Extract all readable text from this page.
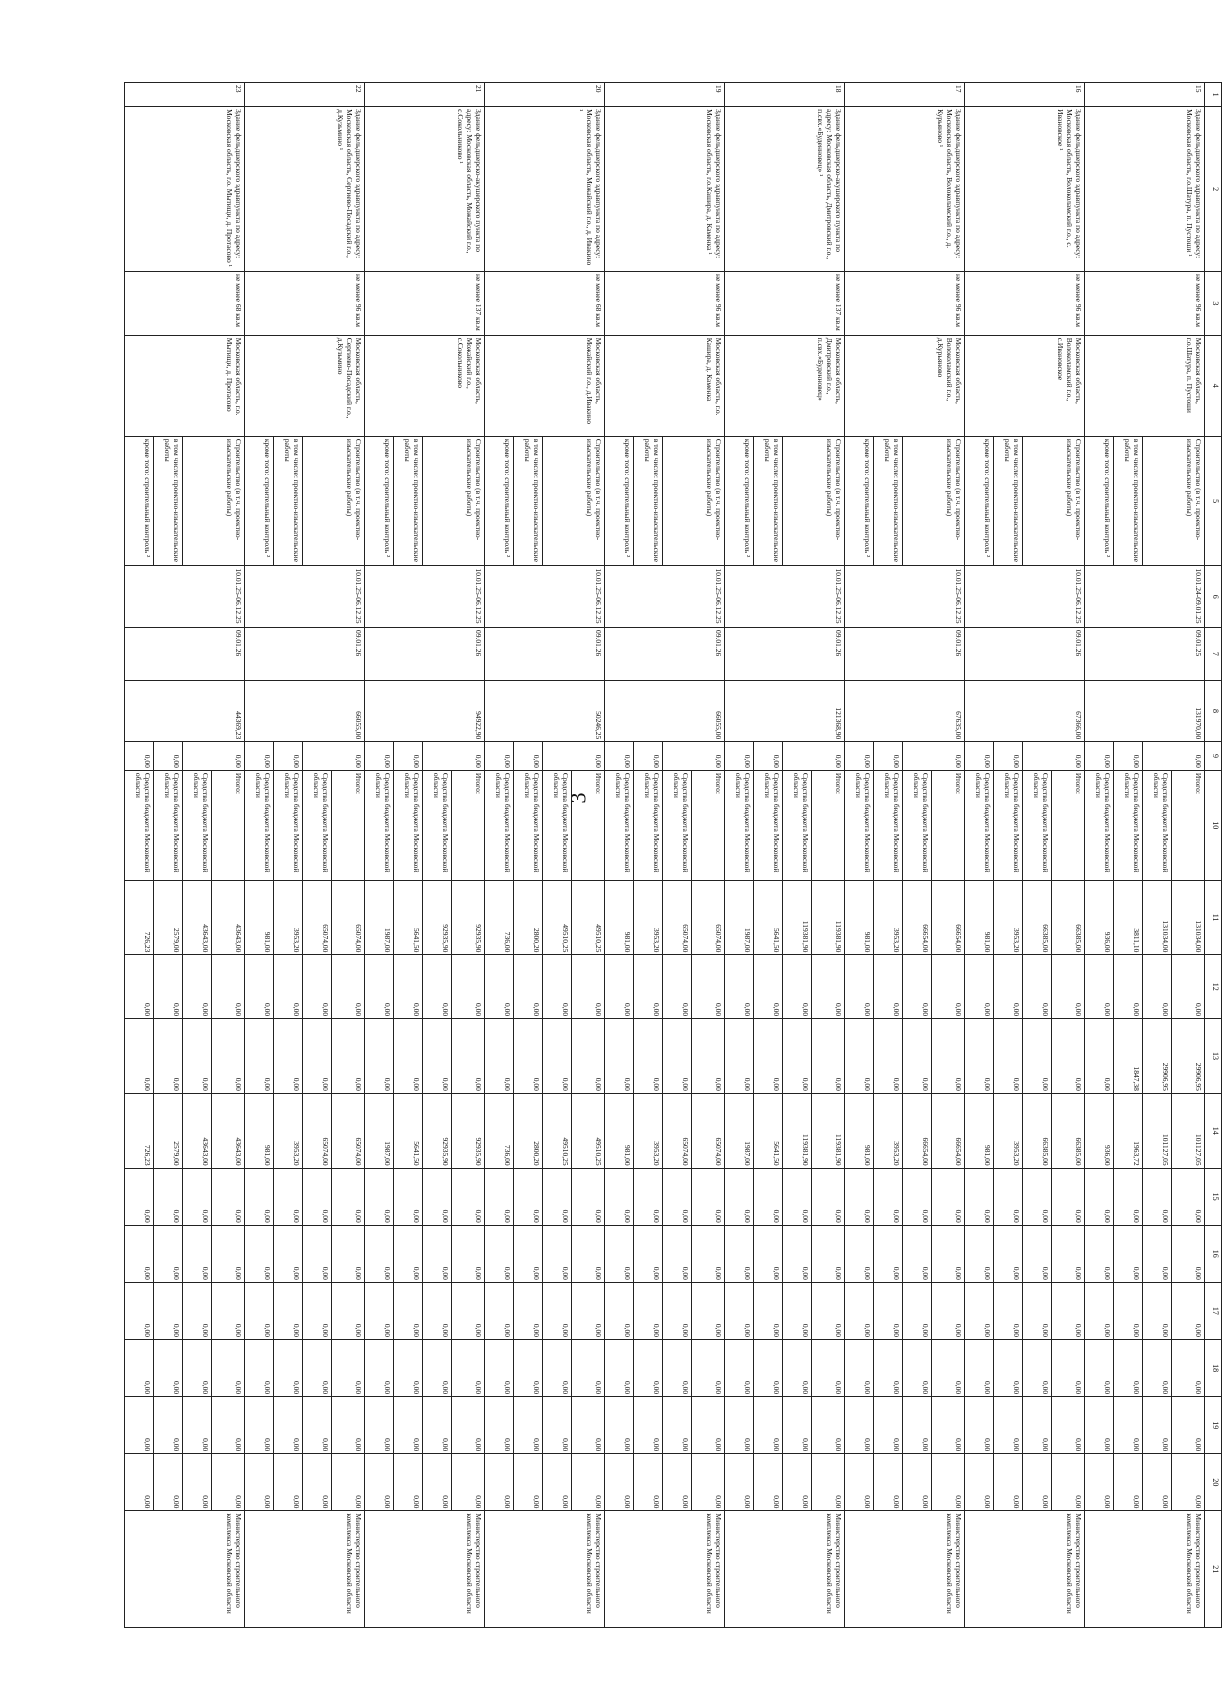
3
1	2	3	4	5	6	7	8	9	10	11	12	13	14	15	16	17	18	19	20	21
15	Здание фельдшерского здравпункта по адресу: Московская область, г.о.Шатура, п. Пустоши ¹	не менее 96 кв.м	Московская область, г.о.Шатура, п. Пустоши	Строительство (в т.ч. проектно-изыскательские работы)	10.01.24-09.01.25	09.01.25	131970,00	0,00	Итого:	131034,00	0,00	29906,95	101127,05	0,00	0,00	0,00	0,00	0,00	0,00	Министерство строительного комплекса Московской области
									Средства бюджета Московской области	131034,00	0,00	29906,95	101127,05	0,00	0,00	0,00	0,00	0,00	0,00	
				в том числе: проектно-изыскательские работы				0,00	Средства бюджета Московской области	3811,10	0,00	1847,38	1963,72	0,00	0,00	0,00	0,00	0,00	0,00	
				кроме того: строительный контроль ²				0,00	Средства бюджета Московской области	936,00	0,00	0,00	936,00	0,00	0,00	0,00	0,00	0,00	0,00	
16	Здание фельдшерского здравпункта по адресу: Московская область, Волоколамский г.о., с. Ивановское ¹	не менее 96 кв.м	Московская область, Волоколамский г.о., с.Ивановское	Строительство (в т.ч. проектно-изыскательские работы)	10.01.25-06.12.25	09.01.26	67366,00	0,00	Итого:	66385,00	0,00	0,00	66385,00	0,00	0,00	0,00	0,00	0,00	0,00	Министерство строительного комплекса Московской области
									Средства бюджета Московской области	66385,00	0,00	0,00	66385,00	0,00	0,00	0,00	0,00	0,00	0,00	
				в том числе: проектно-изыскательские работы				0,00	Средства бюджета Московской области	3953,20	0,00	0,00	3953,20	0,00	0,00	0,00	0,00	0,00	0,00	
				кроме того: строительный контроль ²				0,00	Средства бюджета Московской области	981,00	0,00	0,00	981,00	0,00	0,00	0,00	0,00	0,00	0,00	
17	Здание фельдшерского здравпункта по адресу: Московская область, Волоколамский г.о., д. Курьяново ¹	не менее 96 кв.м	Московская область, Волоколамский г.о., д.Курьяново	Строительство (в т.ч. проектно-изыскательские работы)	10.01.25-06.12.25	09.01.26	67635,00	0,00	Итого:	66654,00	0,00	0,00	66654,00	0,00	0,00	0,00	0,00	0,00	0,00	Министерство строительного комплекса Московской области
									Средства бюджета Московской области	66654,00	0,00	0,00	66654,00	0,00	0,00	0,00	0,00	0,00	0,00	
				в том числе: проектно-изыскательские работы				0,00	Средства бюджета Московской области	3953,20	0,00	0,00	3953,20	0,00	0,00	0,00	0,00	0,00	0,00	
				кроме того: строительный контроль ²				0,00	Средства бюджета Московской области	981,00	0,00	0,00	981,00	0,00	0,00	0,00	0,00	0,00	0,00	
18	Здание фельдшерско-акушерского пункта по адресу: Московская область, Дмитровский г.о., п.свх.«Буденновец» ¹	не менее 137 кв.м	Московская область, Дмитровский г.о., п.свх.«Буденновец»	Строительство (в т.ч. проектно-изыскательские работы)	10.01.25-06.12.25	09.01.26	121368,90	0,00	Итого:	119381,90	0,00	0,00	119381,90	0,00	0,00	0,00	0,00	0,00	0,00	Министерство строительного комплекса Московской области
									Средства бюджета Московской области	119381,90	0,00	0,00	119381,90	0,00	0,00	0,00	0,00	0,00	0,00	
				в том числе: проектно-изыскательские работы				0,00	Средства бюджета Московской области	5641,50	0,00	0,00	5641,50	0,00	0,00	0,00	0,00	0,00	0,00	
				кроме того: строительный контроль ²				0,00	Средства бюджета Московской области	1987,00	0,00	0,00	1987,00	0,00	0,00	0,00	0,00	0,00	0,00	
19	Здание фельдшерского здравпункта по адресу: Московская область, г.о.Кашира, д. Каменка ¹	не менее 96 кв.м	Московская область, г.о. Кашира, д. Каменка	Строительство (в т.ч. проектно-изыскательские работы)	10.01.25-06.12.25	09.01.26	66055,00	0,00	Итого:	65074,00	0,00	0,00	65074,00	0,00	0,00	0,00	0,00	0,00	0,00	Министерство строительного комплекса Московской области
									Средства бюджета Московской области	65074,00	0,00	0,00	65074,00	0,00	0,00	0,00	0,00	0,00	0,00	
				в том числе: проектно-изыскательские работы				0,00	Средства бюджета Московской области	3953,20	0,00	0,00	3953,20	0,00	0,00	0,00	0,00	0,00	0,00	
				кроме того: строительный контроль ²				0,00	Средства бюджета Московской области	981,00	0,00	0,00	981,00	0,00	0,00	0,00	0,00	0,00	0,00	
20	Здание фельдшерского здравпункта по адресу: Московская область, Можайский г.о., д. Ивакино ¹	не менее 68 кв.м	Московская область, Можайский г.о., д.Ивакино	Строительство (в т.ч. проектно-изыскательские работы)	10.01.25-06.12.25	09.01.26	50246,25	0,00	Итого:	49510,25	0,00	0,00	49510,25	0,00	0,00	0,00	0,00	0,00	0,00	Министерство строительного комплекса Московской области
									Средства бюджета Московской области	49510,25	0,00	0,00	49510,25	0,00	0,00	0,00	0,00	0,00	0,00	
				в том числе: проектно-изыскательские работы				0,00	Средства бюджета Московской области	2800,20	0,00	0,00	2800,20	0,00	0,00	0,00	0,00	0,00	0,00	
				кроме того: строительный контроль ²				0,00	Средства бюджета Московской области	736,00	0,00	0,00	736,00	0,00	0,00	0,00	0,00	0,00	0,00	
21	Здание фельдшерско-акушерского пункта по адресу: Московская область, Можайский г.о., с.Сокольниково ¹	не менее 137 кв.м	Московская область, Можайский г.о., с.Сокольниково	Строительство (в т.ч. проектно-изыскательские работы)	10.01.25-06.12.25	09.01.26	94922,90	0,00	Итого:	92935,90	0,00	0,00	92935,90	0,00	0,00	0,00	0,00	0,00	0,00	Министерство строительного комплекса Московской области
									Средства бюджета Московской области	92935,90	0,00	0,00	92935,90	0,00	0,00	0,00	0,00	0,00	0,00	
				в том числе: проектно-изыскательские работы				0,00	Средства бюджета Московской области	5641,50	0,00	0,00	5641,50	0,00	0,00	0,00	0,00	0,00	0,00	
				кроме того: строительный контроль ²				0,00	Средства бюджета Московской области	1987,00	0,00	0,00	1987,00	0,00	0,00	0,00	0,00	0,00	0,00	
22	Здание фельдшерского здравпункта по адресу: Московская область, Сергиево-Посадский г.о., д.Кузьмино ¹	не менее 96 кв.м	Московская область, Сергиево-Посадский г.о., д.Кузьмино	Строительство (в т.ч. проектно-изыскательские работы)	10.01.25-06.12.25	09.01.26	66055,00	0,00	Итого:	65074,00	0,00	0,00	65074,00	0,00	0,00	0,00	0,00	0,00	0,00	Министерство строительного комплекса Московской области
									Средства бюджета Московской области	65074,00	0,00	0,00	65074,00	0,00	0,00	0,00	0,00	0,00	0,00	
				в том числе: проектно-изыскательские работы				0,00	Средства бюджета Московской области	3953,20	0,00	0,00	3953,20	0,00	0,00	0,00	0,00	0,00	0,00	
				кроме того: строительный контроль ²				0,00	Средства бюджета Московской области	981,00	0,00	0,00	981,00	0,00	0,00	0,00	0,00	0,00	0,00	
23	Здание фельдшерского здравпункта по адресу: Московская область, г.о. Мытищи, д. Протасово ¹	не менее 68 кв.м	Московская область, г.о. Мытищи, д. Протасово	Строительство (в т.ч. проектно-изыскательские работы)	10.01.25-06.12.25	09.01.26	44369,23	0,00	Итого:	43643,00	0,00	0,00	43643,00	0,00	0,00	0,00	0,00	0,00	0,00	Министерство строительного комплекса Московской области
									Средства бюджета Московской области	43643,00	0,00	0,00	43643,00	0,00	0,00	0,00	0,00	0,00	0,00	
				в том числе: проектно-изыскательские работы				0,00	Средства бюджета Московской области	2579,00	0,00	0,00	2579,00	0,00	0,00	0,00	0,00	0,00	0,00	
				кроме того: строительный контроль ²				0,00	Средства бюджета Московской области	726,23	0,00	0,00	726,23	0,00	0,00	0,00	0,00	0,00	0,00	
